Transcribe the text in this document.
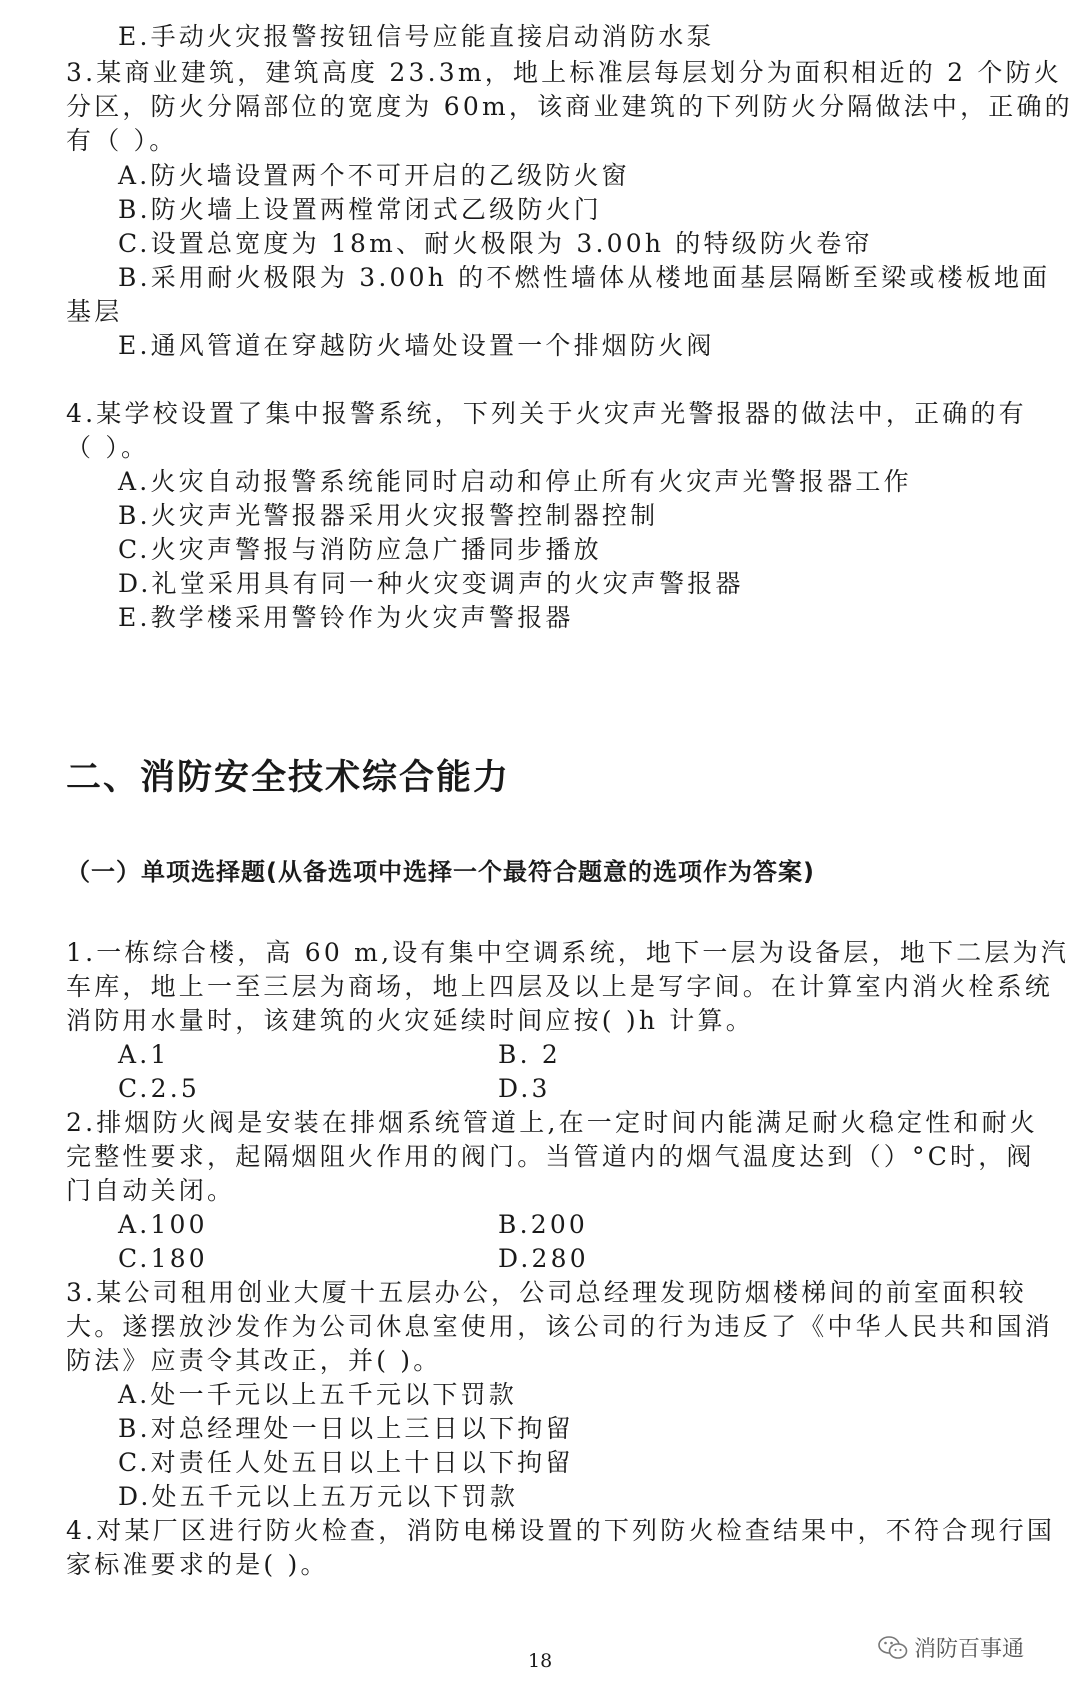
E.手动火灾报警按钮信号应能直接启动消防水泵
3.某商业建筑，建筑高度 23.3m，地上标准层每层划分为面积相近的 2 个防火
分区，防火分隔部位的宽度为 60m，该商业建筑的下列防火分隔做法中，正确的
有（ ）。
A.防火墙设置两个不可开启的乙级防火窗
B.防火墙上设置两樘常闭式乙级防火门
C.设置总宽度为 18m、耐火极限为 3.00h 的特级防火卷帘
B.采用耐火极限为 3.00h 的不燃性墙体从楼地面基层隔断至梁或楼板地面
基层
E.通风管道在穿越防火墙处设置一个排烟防火阀
4.某学校设置了集中报警系统，下列关于火灾声光警报器的做法中，正确的有
（ ）。
A.火灾自动报警系统能同时启动和停止所有火灾声光警报器工作
B.火灾声光警报器采用火灾报警控制器控制
C.火灾声警报与消防应急广播同步播放
D.礼堂采用具有同一种火灾变调声的火灾声警报器
E.教学楼采用警铃作为火灾声警报器
二、消防安全技术综合能力
（一）单项选择题(从备选项中选择一个最符合题意的选项作为答案)
1.一栋综合楼，高 60 m,设有集中空调系统，地下一层为设备层，地下二层为汽
车库，地上一至三层为商场，地上四层及以上是写字间。在计算室内消火栓系统
消防用水量时，该建筑的火灾延续时间应按( )h 计算。
A.1	B. 2
C.2.5	D.3
2.排烟防火阀是安装在排烟系统管道上,在一定时间内能满足耐火稳定性和耐火
完整性要求，起隔烟阻火作用的阀门。当管道内的烟气温度达到（）°C时，阀
门自动关闭。
A.100	B.200
C.180	D.280
3.某公司租用创业大厦十五层办公，公司总经理发现防烟楼梯间的前室面积较
大。遂摆放沙发作为公司休息室使用，该公司的行为违反了《中华人民共和国消
防法》应责令其改正，并( )。
A.处一千元以上五千元以下罚款
B.对总经理处一日以上三日以下拘留
C.对责任人处五日以上十日以下拘留
D.处五千元以上五万元以下罚款
4.对某厂区进行防火检查，消防电梯设置的下列防火检查结果中，不符合现行国
家标准要求的是( )。
18	消防百事通
